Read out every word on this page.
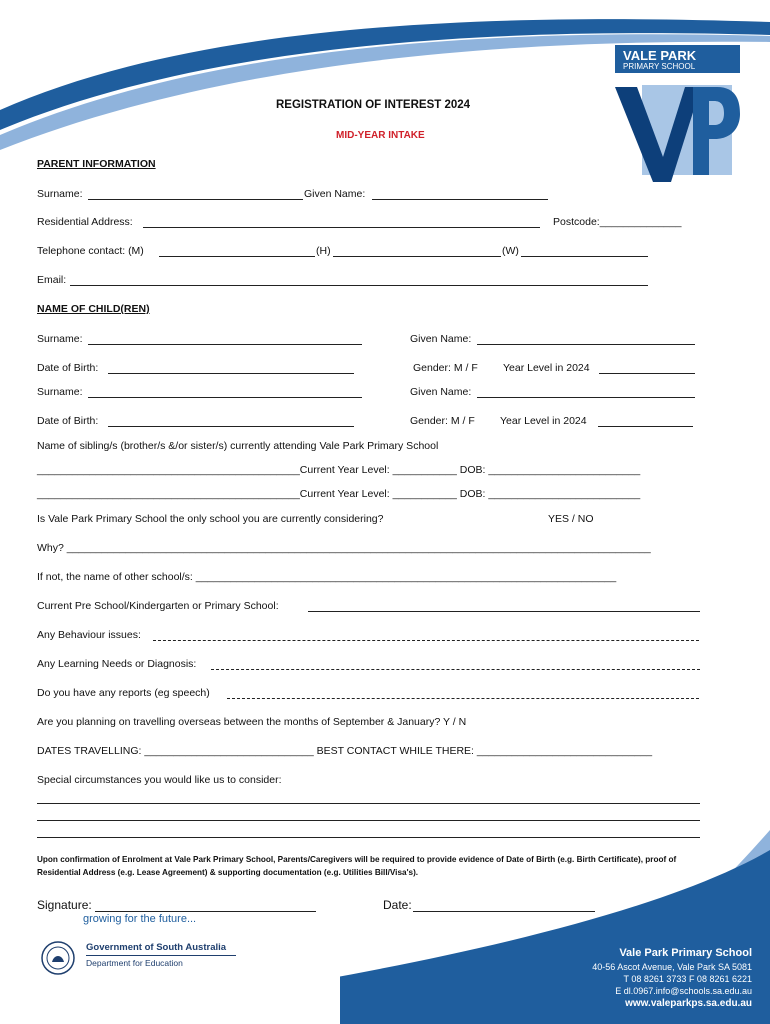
VALE PARK
PRIMARY SCHOOL
REGISTRATION OF INTEREST 2024
MID-YEAR INTAKE
PARENT INFORMATION
Surname:	Given Name:
Residential Address:	Postcode:______________
Telephone contact: (M)	(H)	(W)
Email:
NAME OF CHILD(REN)
Surname:	Given Name:
Date of Birth:	Gender: M / F Year Level in 2024
Surname:	Given Name:
Date of Birth:	Gender: M / F Year Level in 2024
Name of sibling/s (brother/s &/or sister/s) currently attending Vale Park Primary School
_____________________________________________Current Year Level: ___________ DOB: __________________________
_____________________________________________Current Year Level: ___________ DOB: __________________________
Is Vale Park Primary School the only school you are currently considering?	YES / NO
Why? ____________________________________________________________________________________________________
If not, the name of other school/s: ________________________________________________________________________
Current Pre School/Kindergarten or Primary School:
Any Behaviour issues:
Any Learning Needs or Diagnosis:
Do you have any reports (eg speech)
Are you planning on travelling overseas between the months of September & January? Y / N
DATES TRAVELLING: _____________________________ BEST CONTACT WHILE THERE: ______________________________
Special circumstances you would like us to consider:
Upon confirmation of Enrolment at Vale Park Primary School, Parents/Caregivers will be required to provide evidence of Date of Birth (e.g. Birth Certificate), proof of Residential Address (e.g. Lease Agreement) & supporting documentation (e.g. Utilities Bill/Visa's).
Signature:	Date:
growing for the future...
Government of South Australia
Department for Education
Vale Park Primary School
40-56 Ascot Avenue, Vale Park SA 5081
T 08 8261 3733 F 08 8261 6221
E dl.0967.info@schools.sa.edu.au
www.valeparkps.sa.edu.au
